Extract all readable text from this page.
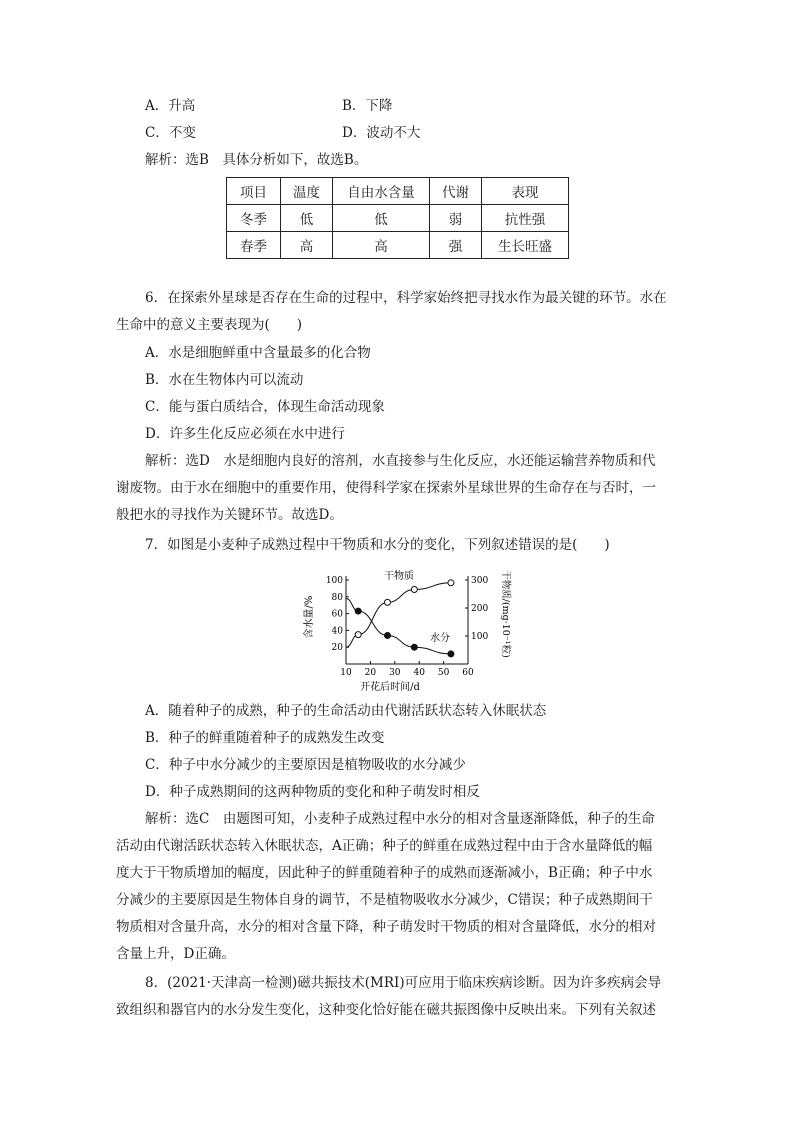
A．升高	B．下降
C．不变	D．波动不大
解析：选B　具体分析如下，故选B。
项目	温度	自由水含量	代谢	表现
冬季	低	低	弱	抗性强
春季	高	高	强	生长旺盛
6．在探索外星球是否存在生命的过程中，科学家始终把寻找水作为最关键的环节。水在
生命中的意义主要表现为(　　)
A．水是细胞鲜重中含量最多的化合物
B．水在生物体内可以流动
C．能与蛋白质结合，体现生命活动现象
D．许多生化反应必须在水中进行
解析：选D　水是细胞内良好的溶剂，水直接参与生化反应，水还能运输营养物质和代
谢废物。由于水在细胞中的重要作用，使得科学家在探索外星球世界的生命存在与否时，一
般把水的寻找作为关键环节。故选D。
7．如图是小麦种子成熟过程中干物质和水分的变化，下列叙述错误的是(　　)
10 20 30 40 50 60
20
40
60
80
100
100
200
300
开花后时间/d
含水量/%	干物质/(mg·10⁻¹粒)
干物质
水分
A．随着种子的成熟，种子的生命活动由代谢活跃状态转入休眠状态
B．种子的鲜重随着种子的成熟发生改变
C．种子中水分减少的主要原因是植物吸收的水分减少
D．种子成熟期间的这两种物质的变化和种子萌发时相反
解析：选C　由题图可知，小麦种子成熟过程中水分的相对含量逐渐降低，种子的生命
活动由代谢活跃状态转入休眠状态，A正确；种子的鲜重在成熟过程中由于含水量降低的幅
度大于干物质增加的幅度，因此种子的鲜重随着种子的成熟而逐渐减小，B正确；种子中水
分减少的主要原因是生物体自身的调节，不是植物吸收水分减少，C错误；种子成熟期间干
物质相对含量升高，水分的相对含量下降，种子萌发时干物质的相对含量降低，水分的相对
含量上升，D正确。
8．(2021·天津高一检测)磁共振技术(MRI)可应用于临床疾病诊断。因为许多疾病会导
致组织和器官内的水分发生变化，这种变化恰好能在磁共振图像中反映出来。下列有关叙述
